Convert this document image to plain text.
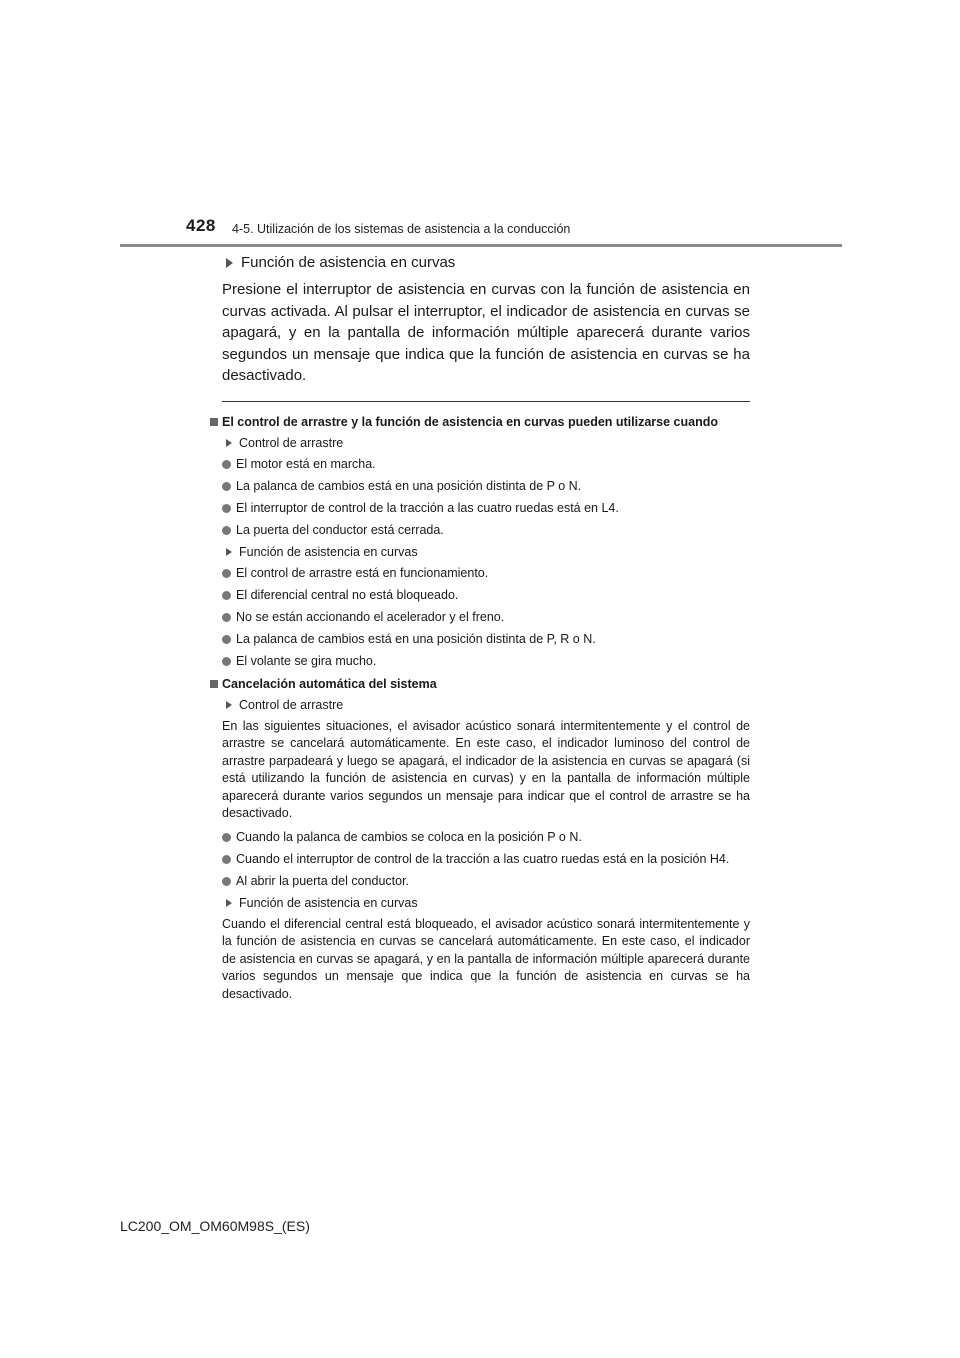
428 4-5. Utilización de los sistemas de asistencia a la conducción
Función de asistencia en curvas

Presione el interruptor de asistencia en curvas con la función de asistencia en curvas activada. Al pulsar el interruptor, el indicador de asistencia en curvas se apagará, y en la pantalla de información múltiple aparecerá durante varios segundos un mensaje que indica que la función de asistencia en curvas se ha desactivado.

El control de arrastre y la función de asistencia en curvas pueden utilizarse cuando
Control de arrastre
El motor está en marcha.
La palanca de cambios está en una posición distinta de P o N.
El interruptor de control de la tracción a las cuatro ruedas está en L4.
La puerta del conductor está cerrada.
Función de asistencia en curvas
El control de arrastre está en funcionamiento.
El diferencial central no está bloqueado.
No se están accionando el acelerador y el freno.
La palanca de cambios está en una posición distinta de P, R o N.
El volante se gira mucho.
Cancelación automática del sistema
Control de arrastre

En las siguientes situaciones, el avisador acústico sonará intermitentemente y el control de arrastre se cancelará automáticamente. En este caso, el indicador luminoso del control de arrastre parpadeará y luego se apagará, el indicador de la asistencia en curvas se apagará (si está utilizando la función de asistencia en curvas) y en la pantalla de información múltiple aparecerá durante varios segundos un mensaje para indicar que el control de arrastre se ha desactivado.

Cuando la palanca de cambios se coloca en la posición P o N.
Cuando el interruptor de control de la tracción a las cuatro ruedas está en la posición H4.
Al abrir la puerta del conductor.
Función de asistencia en curvas

Cuando el diferencial central está bloqueado, el avisador acústico sonará intermitentemente y la función de asistencia en curvas se cancelará automáticamente. En este caso, el indicador de asistencia en curvas se apagará, y en la pantalla de información múltiple aparecerá durante varios segundos un mensaje que indica que la función de asistencia en curvas se ha desactivado.

LC200_OM_OM60M98S_(ES)
